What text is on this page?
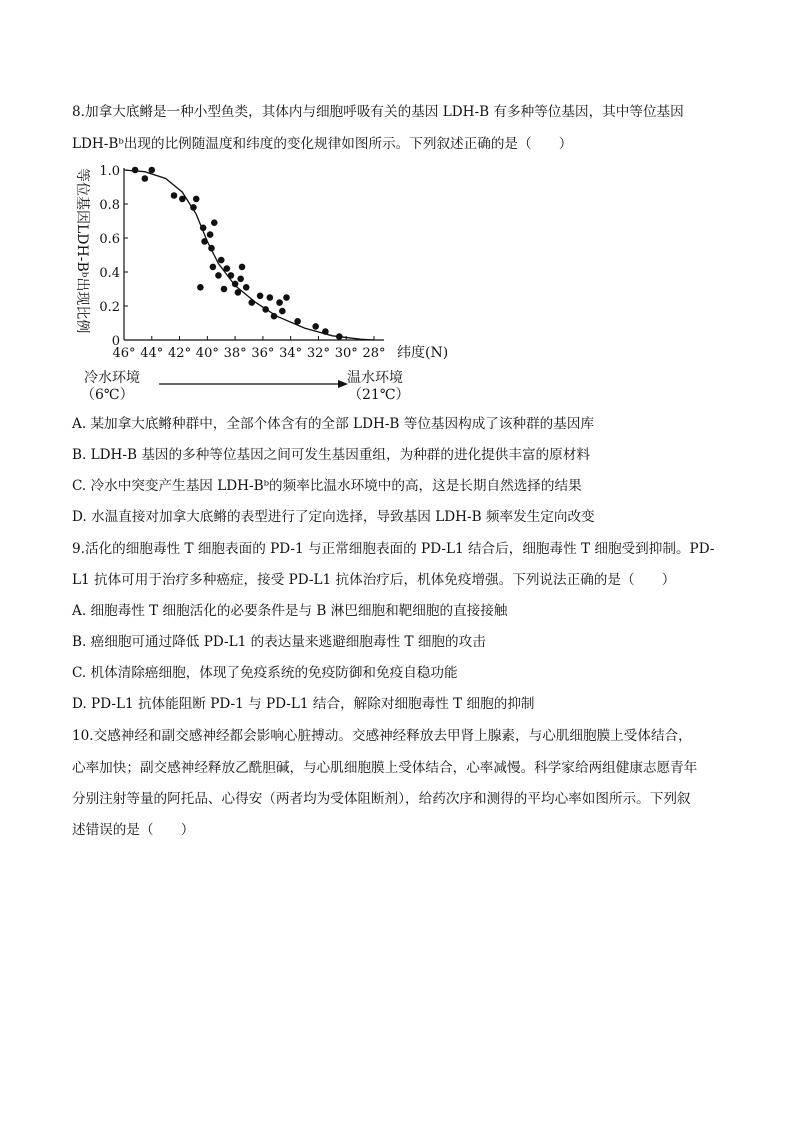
8.加拿大底鳉是一种小型鱼类，其体内与细胞呼吸有关的基因 LDH-B 有多种等位基因，其中等位基因
LDH-Bᵇ出现的比例随温度和纬度的变化规律如图所示。下列叙述正确的是（　　）
0
0.2
0.4
0.6
0.8
1.0
46° 44° 42° 40° 38° 36° 34° 32° 30° 28°
等位基因LDH-Bᵇ出现比例
纬度(N)
冷水环境
（6℃）
温水环境
（21℃）
A. 某加拿大底鳉种群中，全部个体含有的全部 LDH-B 等位基因构成了该种群的基因库
B. LDH-B 基因的多种等位基因之间可发生基因重组，为种群的进化提供丰富的原材料
C. 冷水中突变产生基因 LDH-Bᵇ的频率比温水环境中的高，这是长期自然选择的结果
D. 水温直接对加拿大底鳉的表型进行了定向选择，导致基因 LDH-B 频率发生定向改变
9.活化的细胞毒性 T 细胞表面的 PD-1 与正常细胞表面的 PD-L1 结合后，细胞毒性 T 细胞受到抑制。PD-
L1 抗体可用于治疗多种癌症，接受 PD-L1 抗体治疗后，机体免疫增强。下列说法正确的是（　　）
A. 细胞毒性 T 细胞活化的必要条件是与 B 淋巴细胞和靶细胞的直接接触
B. 癌细胞可通过降低 PD-L1 的表达量来逃避细胞毒性 T 细胞的攻击
C. 机体清除癌细胞，体现了免疫系统的免疫防御和免疫自稳功能
D. PD-L1 抗体能阻断 PD-1 与 PD-L1 结合，解除对细胞毒性 T 细胞的抑制
10.交感神经和副交感神经都会影响心脏搏动。交感神经释放去甲肾上腺素，与心肌细胞膜上受体结合，
心率加快；副交感神经释放乙酰胆碱，与心肌细胞膜上受体结合，心率减慢。科学家给两组健康志愿青年
分别注射等量的阿托品、心得安（两者均为受体阻断剂），给药次序和测得的平均心率如图所示。下列叙
述错误的是（　　）
